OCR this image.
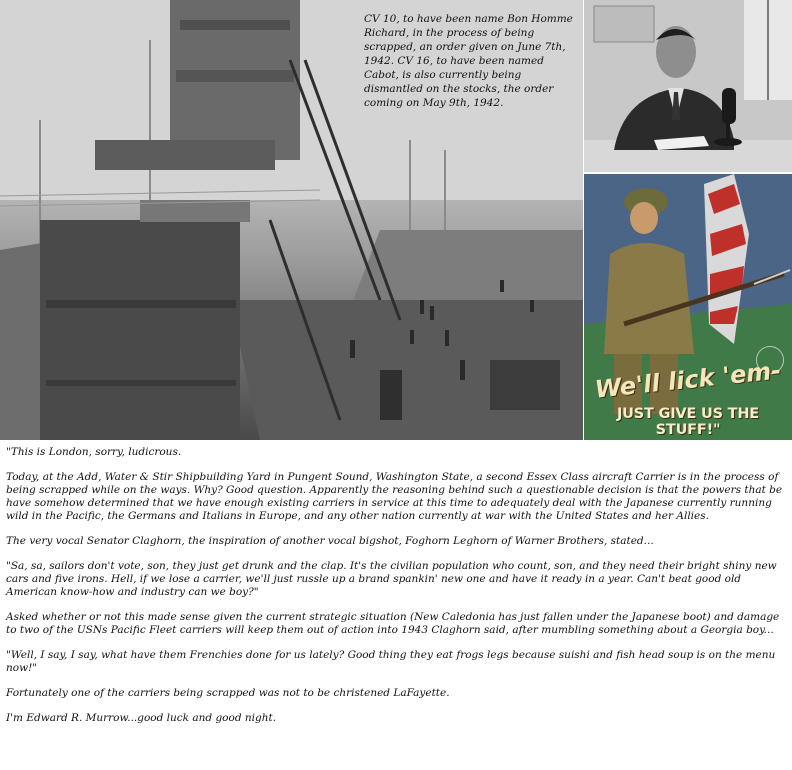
CV 10, to have been name Bon Homme Richard, in the process of being scrapped, an order given on June 7th, 1942. CV 16, to have been named Cabot, is also currently being dismantled on the stocks, the order coming on May 9th, 1942.
We'll lick 'em-
JUST GIVE US THE STUFF!"

"This is London, sorry, ludicrous.

Today, at the Add, Water & Stir Shipbuilding Yard in Pungent Sound, Washington State, a second Essex Class aircraft Carrier is in the process of being scrapped while on the ways. Why? Good question. Apparently the reasoning behind such a questionable decision is that the powers that be have somehow determined that we have enough existing carriers in service at this time to adequately deal with the Japanese currently running wild in the Pacific, the Germans and Italians in Europe, and any other nation currently at war with the United States and her Allies.

The very vocal Senator Claghorn, the inspiration of another vocal bigshot, Foghorn Leghorn of Warner Brothers, stated...

"Sa, sa, sailors don't vote, son, they just get drunk and the clap. It's the civilian population who count, son, and they need their bright shiny new cars and five irons. Hell, if we lose a carrier, we'll just russle up a brand spankin' new one and have it ready in a year. Can't beat good old American know-how and industry can we boy?"

Asked whether or not this made sense given the current strategic situation (New Caledonia has just fallen under the Japanese boot) and damage to two of the USNs Pacific Fleet carriers will keep them out of action into 1943 Claghorn said, after mumbling something about a Georgia boy...

"Well, I say, I say, what have them Frenchies done for us lately? Good thing they eat frogs legs because suishi and fish head soup is on the menu now!"

Fortunately one of the carriers being scrapped was not to be christened LaFayette.

I'm Edward R. Murrow...good luck and good night.
